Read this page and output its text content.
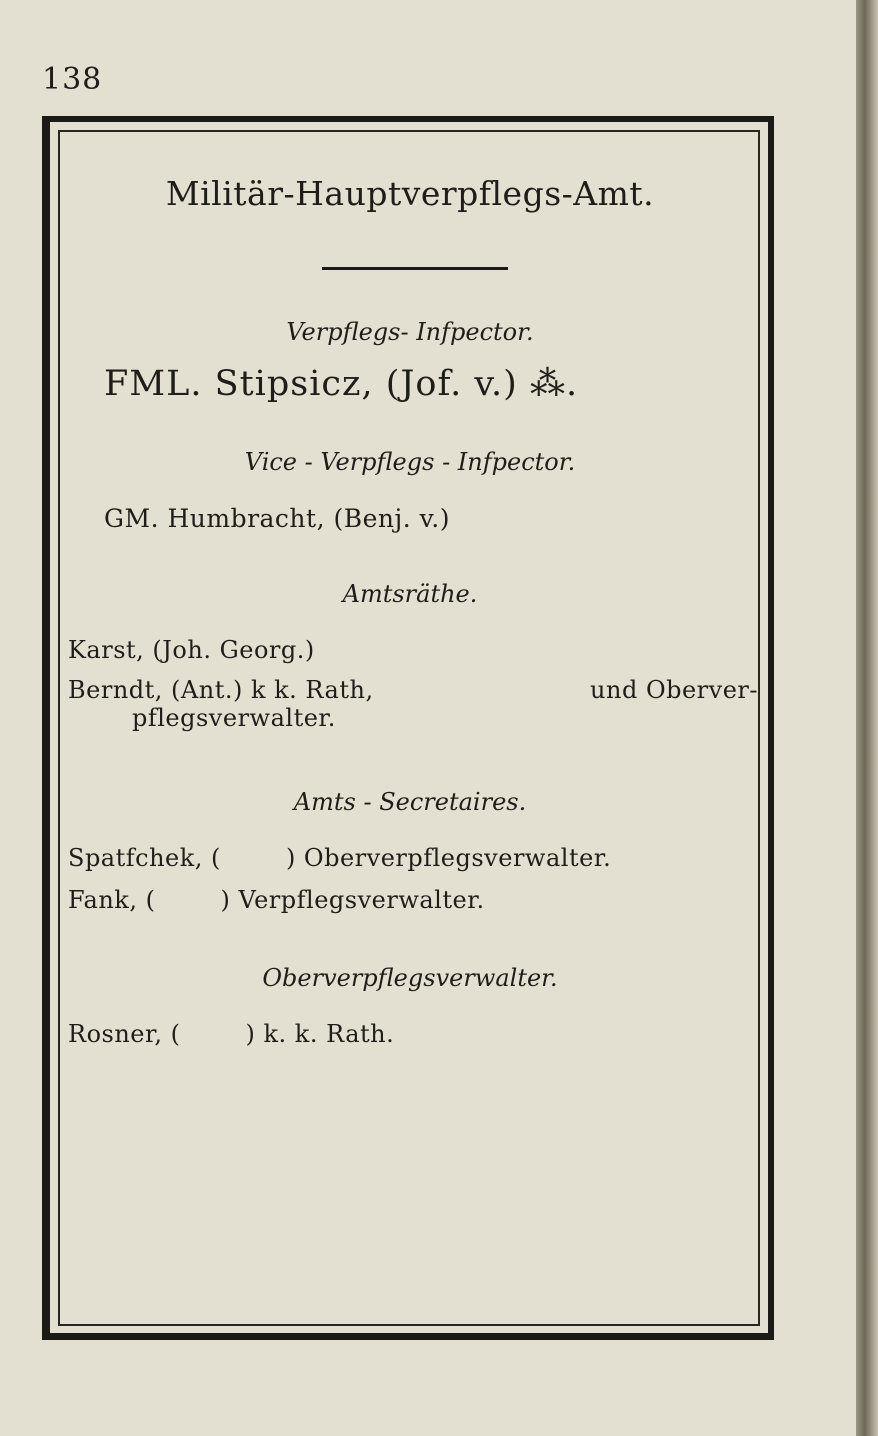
138
Militär-Hauptverpflegs-Amt.
Verpflegs- Infpector.
FML. Stipsicz, (Jof. v.) ⁂.
Vice - Verpflegs - Infpector.
GM. Humbracht, (Benj. v.)
Amtsräthe.
Karst, (Joh. Georg.)
Berndt, (Ant.) k k. Rath,	und Oberver-
pflegsverwalter.
Amts - Secretaires.
Spatfchek, (        ) Oberverpflegsverwalter.
Fank, (        ) Verpflegsverwalter.
Oberverpflegsverwalter.
Rosner, (        ) k. k. Rath.
